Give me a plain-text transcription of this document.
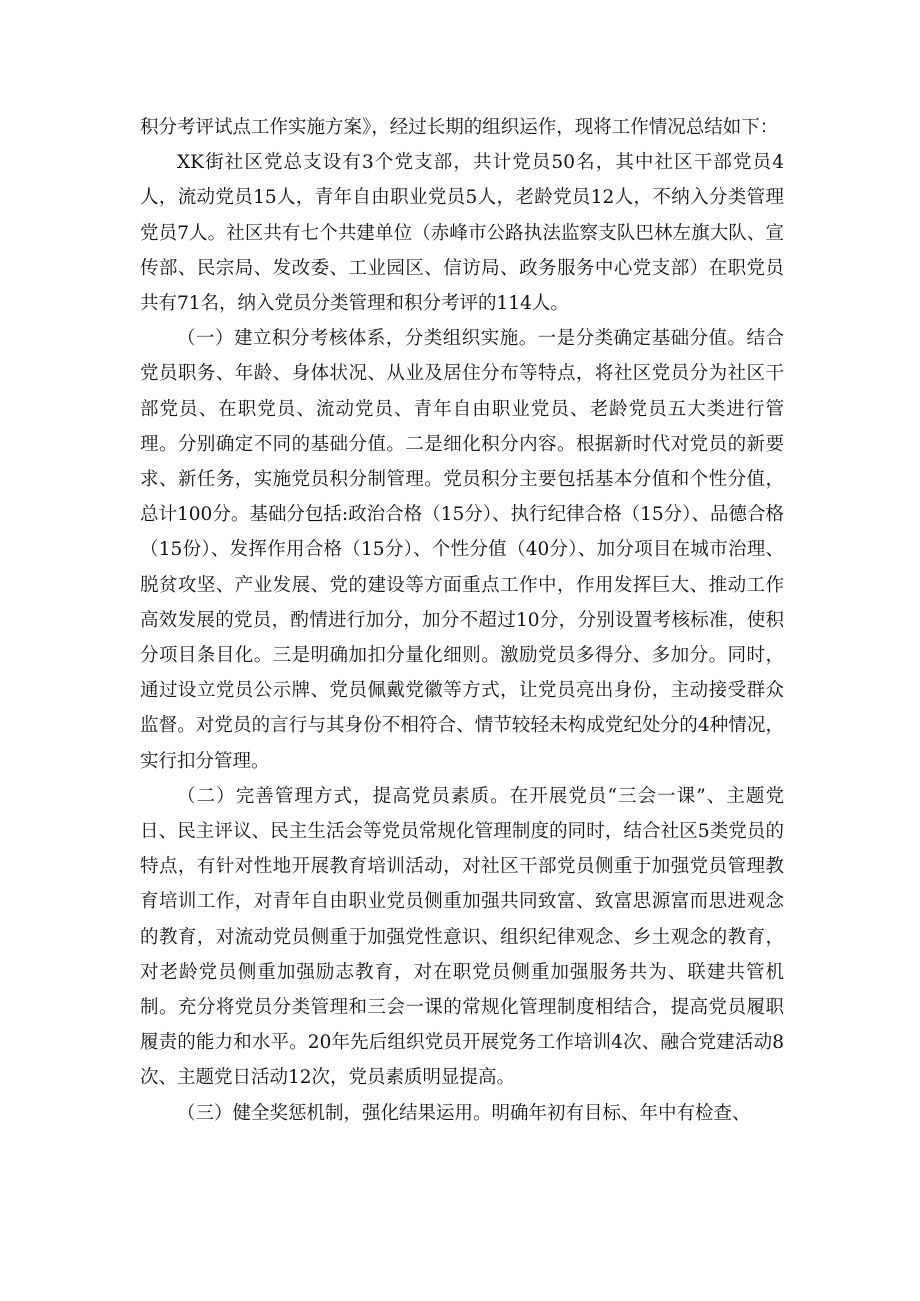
积分考评试点工作实施方案》，经过长期的组织运作，现将工作情况总结如下：

XK街社区党总支设有3个党支部，共计党员50名，其中社区干部党员4人，流动党员15人，青年自由职业党员5人，老龄党员12人，不纳入分类管理党员7人。社区共有七个共建单位（赤峰市公路执法监察支队巴林左旗大队、宣传部、民宗局、发改委、工业园区、信访局、政务服务中心党支部）在职党员共有71名，纳入党员分类管理和积分考评的114人。

（一）建立积分考核体系，分类组织实施。一是分类确定基础分值。结合党员职务、年龄、身体状况、从业及居住分布等特点，将社区党员分为社区干部党员、在职党员、流动党员、青年自由职业党员、老龄党员五大类进行管理。分别确定不同的基础分值。二是细化积分内容。根据新时代对党员的新要求、新任务，实施党员积分制管理。党员积分主要包括基本分值和个性分值，总计100分。基础分包括:政治合格（15分）、执行纪律合格（15分）、品德合格（15份）、发挥作用合格（15分）、个性分值（40分）、加分项目在城市治理、脱贫攻坚、产业发展、党的建设等方面重点工作中，作用发挥巨大、推动工作高效发展的党员，酌情进行加分，加分不超过10分，分别设置考核标准，使积分项目条目化。三是明确加扣分量化细则。激励党员多得分、多加分。同时，通过设立党员公示牌、党员佩戴党徽等方式，让党员亮出身份，主动接受群众监督。对党员的言行与其身份不相符合、情节较轻未构成党纪处分的4种情况，实行扣分管理。

（二）完善管理方式，提高党员素质。在开展党员“三会一课”、主题党日、民主评议、民主生活会等党员常规化管理制度的同时，结合社区5类党员的特点，有针对性地开展教育培训活动，对社区干部党员侧重于加强党员管理教育培训工作，对青年自由职业党员侧重加强共同致富、致富思源富而思进观念的教育，对流动党员侧重于加强党性意识、组织纪律观念、乡土观念的教育，对老龄党员侧重加强励志教育，对在职党员侧重加强服务共为、联建共管机制。充分将党员分类管理和三会一课的常规化管理制度相结合，提高党员履职履责的能力和水平。20年先后组织党员开展党务工作培训4次、融合党建活动8次、主题党日活动12次，党员素质明显提高。

（三）健全奖惩机制，强化结果运用。明确年初有目标、年中有检查、
